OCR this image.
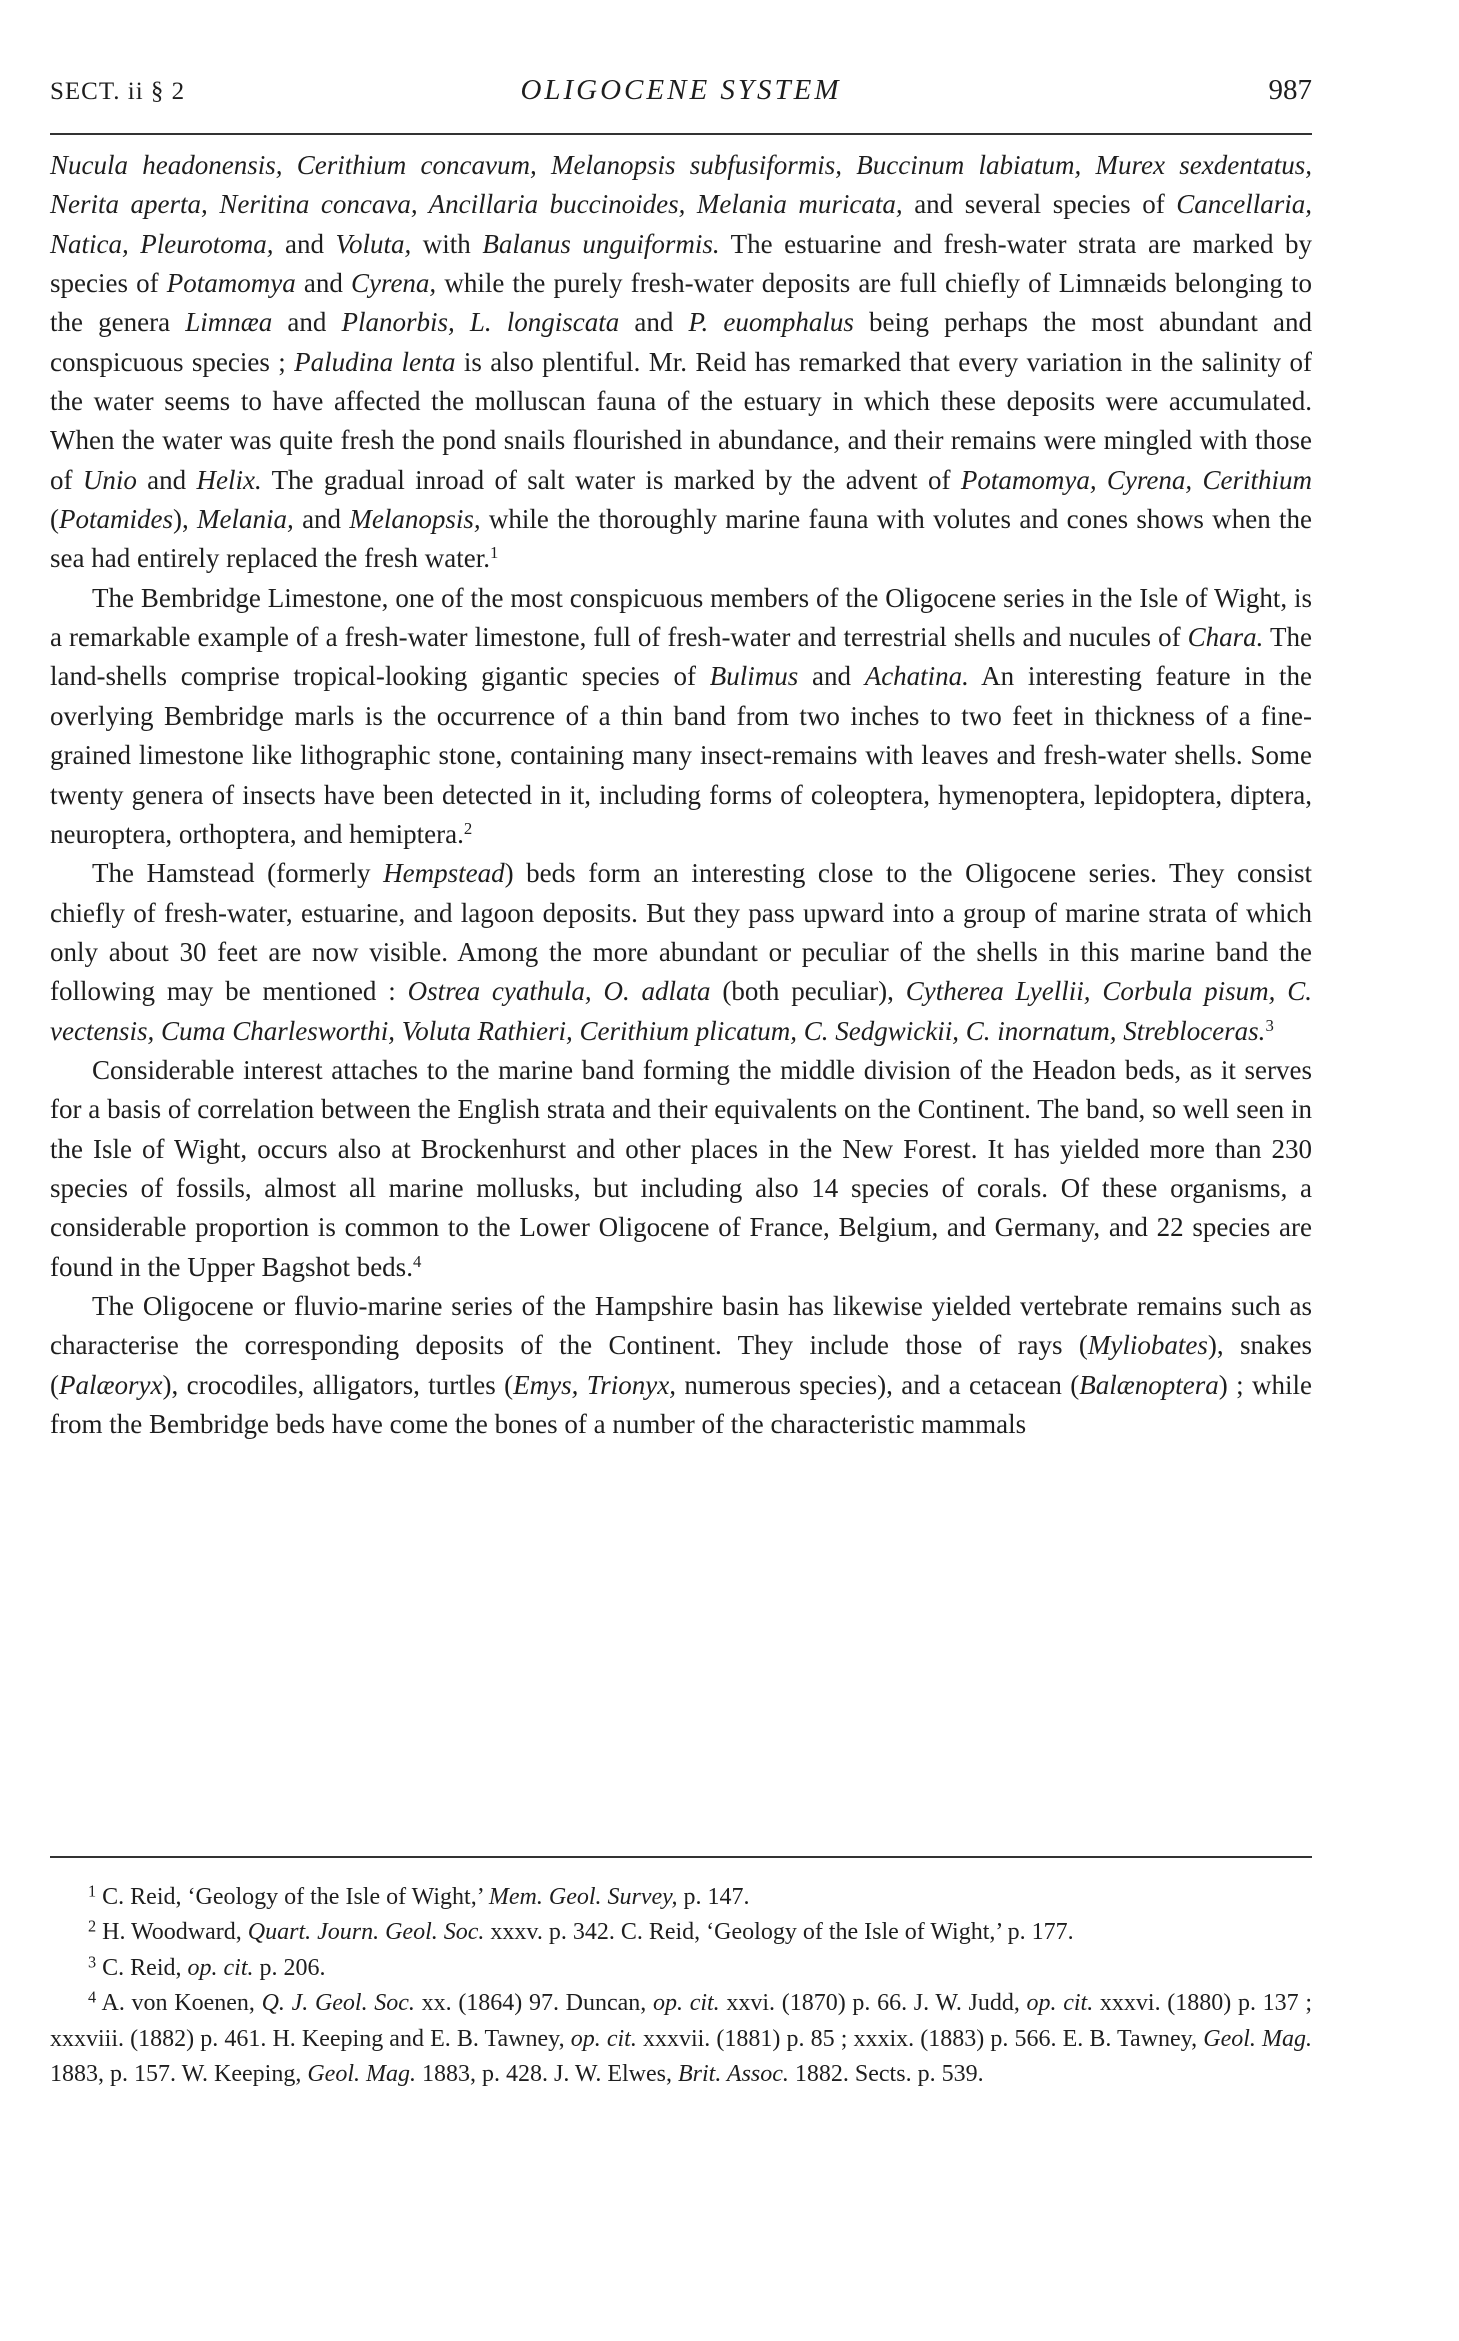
SECT. ii § 2	OLIGOCENE SYSTEM	987

Nucula headonensis, Cerithium concavum, Melanopsis subfusiformis, Buccinum labiatum, Murex sexdentatus, Nerita aperta, Neritina concava, Ancillaria buccinoides, Melania muricata, and several species of Cancellaria, Natica, Pleurotoma, and Voluta, with Balanus unguiformis. The estuarine and fresh-water strata are marked by species of Potamomya and Cyrena, while the purely fresh-water deposits are full chiefly of Limnæids belonging to the genera Limnæa and Planorbis, L. longiscata and P. euomphalus being perhaps the most abundant and conspicuous species ; Paludina lenta is also plentiful. Mr. Reid has remarked that every variation in the salinity of the water seems to have affected the molluscan fauna of the estuary in which these deposits were accumulated. When the water was quite fresh the pond snails flourished in abundance, and their remains were mingled with those of Unio and Helix. The gradual inroad of salt water is marked by the advent of Potamomya, Cyrena, Cerithium (Potamides), Melania, and Melanopsis, while the thoroughly marine fauna with volutes and cones shows when the sea had entirely replaced the fresh water.$^1$

The Bembridge Limestone, one of the most conspicuous members of the Oligocene series in the Isle of Wight, is a remarkable example of a fresh-water limestone, full of fresh-water and terrestrial shells and nucules of Chara. The land-shells comprise tropical-looking gigantic species of Bulimus and Achatina. An interesting feature in the overlying Bembridge marls is the occurrence of a thin band from two inches to two feet in thickness of a fine-grained limestone like lithographic stone, containing many insect-remains with leaves and fresh-water shells. Some twenty genera of insects have been detected in it, including forms of coleoptera, hymenoptera, lepidoptera, diptera, neuroptera, orthoptera, and hemiptera.$^2$

The Hamstead (formerly Hempstead) beds form an interesting close to the Oligocene series. They consist chiefly of fresh-water, estuarine, and lagoon deposits. But they pass upward into a group of marine strata of which only about 30 feet are now visible. Among the more abundant or peculiar of the shells in this marine band the following may be mentioned : Ostrea cyathula, O. adlata (both peculiar), Cytherea Lyellii, Corbula pisum, C. vectensis, Cuma Charlesworthi, Voluta Rathieri, Cerithium plicatum, C. Sedgwickii, C. inornatum, Strebloceras.$^3$

Considerable interest attaches to the marine band forming the middle division of the Headon beds, as it serves for a basis of correlation between the English strata and their equivalents on the Continent. The band, so well seen in the Isle of Wight, occurs also at Brockenhurst and other places in the New Forest. It has yielded more than 230 species of fossils, almost all marine mollusks, but including also 14 species of corals. Of these organisms, a considerable proportion is common to the Lower Oligocene of France, Belgium, and Germany, and 22 species are found in the Upper Bagshot beds.$^4$

The Oligocene or fluvio-marine series of the Hampshire basin has likewise yielded vertebrate remains such as characterise the corresponding deposits of the Continent. They include those of rays (Myliobates), snakes (Palæoryx), crocodiles, alligators, turtles (Emys, Trionyx, numerous species), and a cetacean (Balænoptera) ; while from the Bembridge beds have come the bones of a number of the characteristic mammals

$^1$ C. Reid, ‘Geology of the Isle of Wight,’ Mem. Geol. Survey, p. 147.

$^2$ H. Woodward, Quart. Journ. Geol. Soc. xxxv. p. 342. C. Reid, ‘Geology of the Isle of Wight,’ p. 177.

$^3$ C. Reid, op. cit. p. 206.

$^4$ A. von Koenen, Q. J. Geol. Soc. xx. (1864) 97. Duncan, op. cit. xxvi. (1870) p. 66. J. W. Judd, op. cit. xxxvi. (1880) p. 137 ; xxxviii. (1882) p. 461. H. Keeping and E. B. Tawney, op. cit. xxxvii. (1881) p. 85 ; xxxix. (1883) p. 566. E. B. Tawney, Geol. Mag. 1883, p. 157. W. Keeping, Geol. Mag. 1883, p. 428. J. W. Elwes, Brit. Assoc. 1882. Sects. p. 539.
